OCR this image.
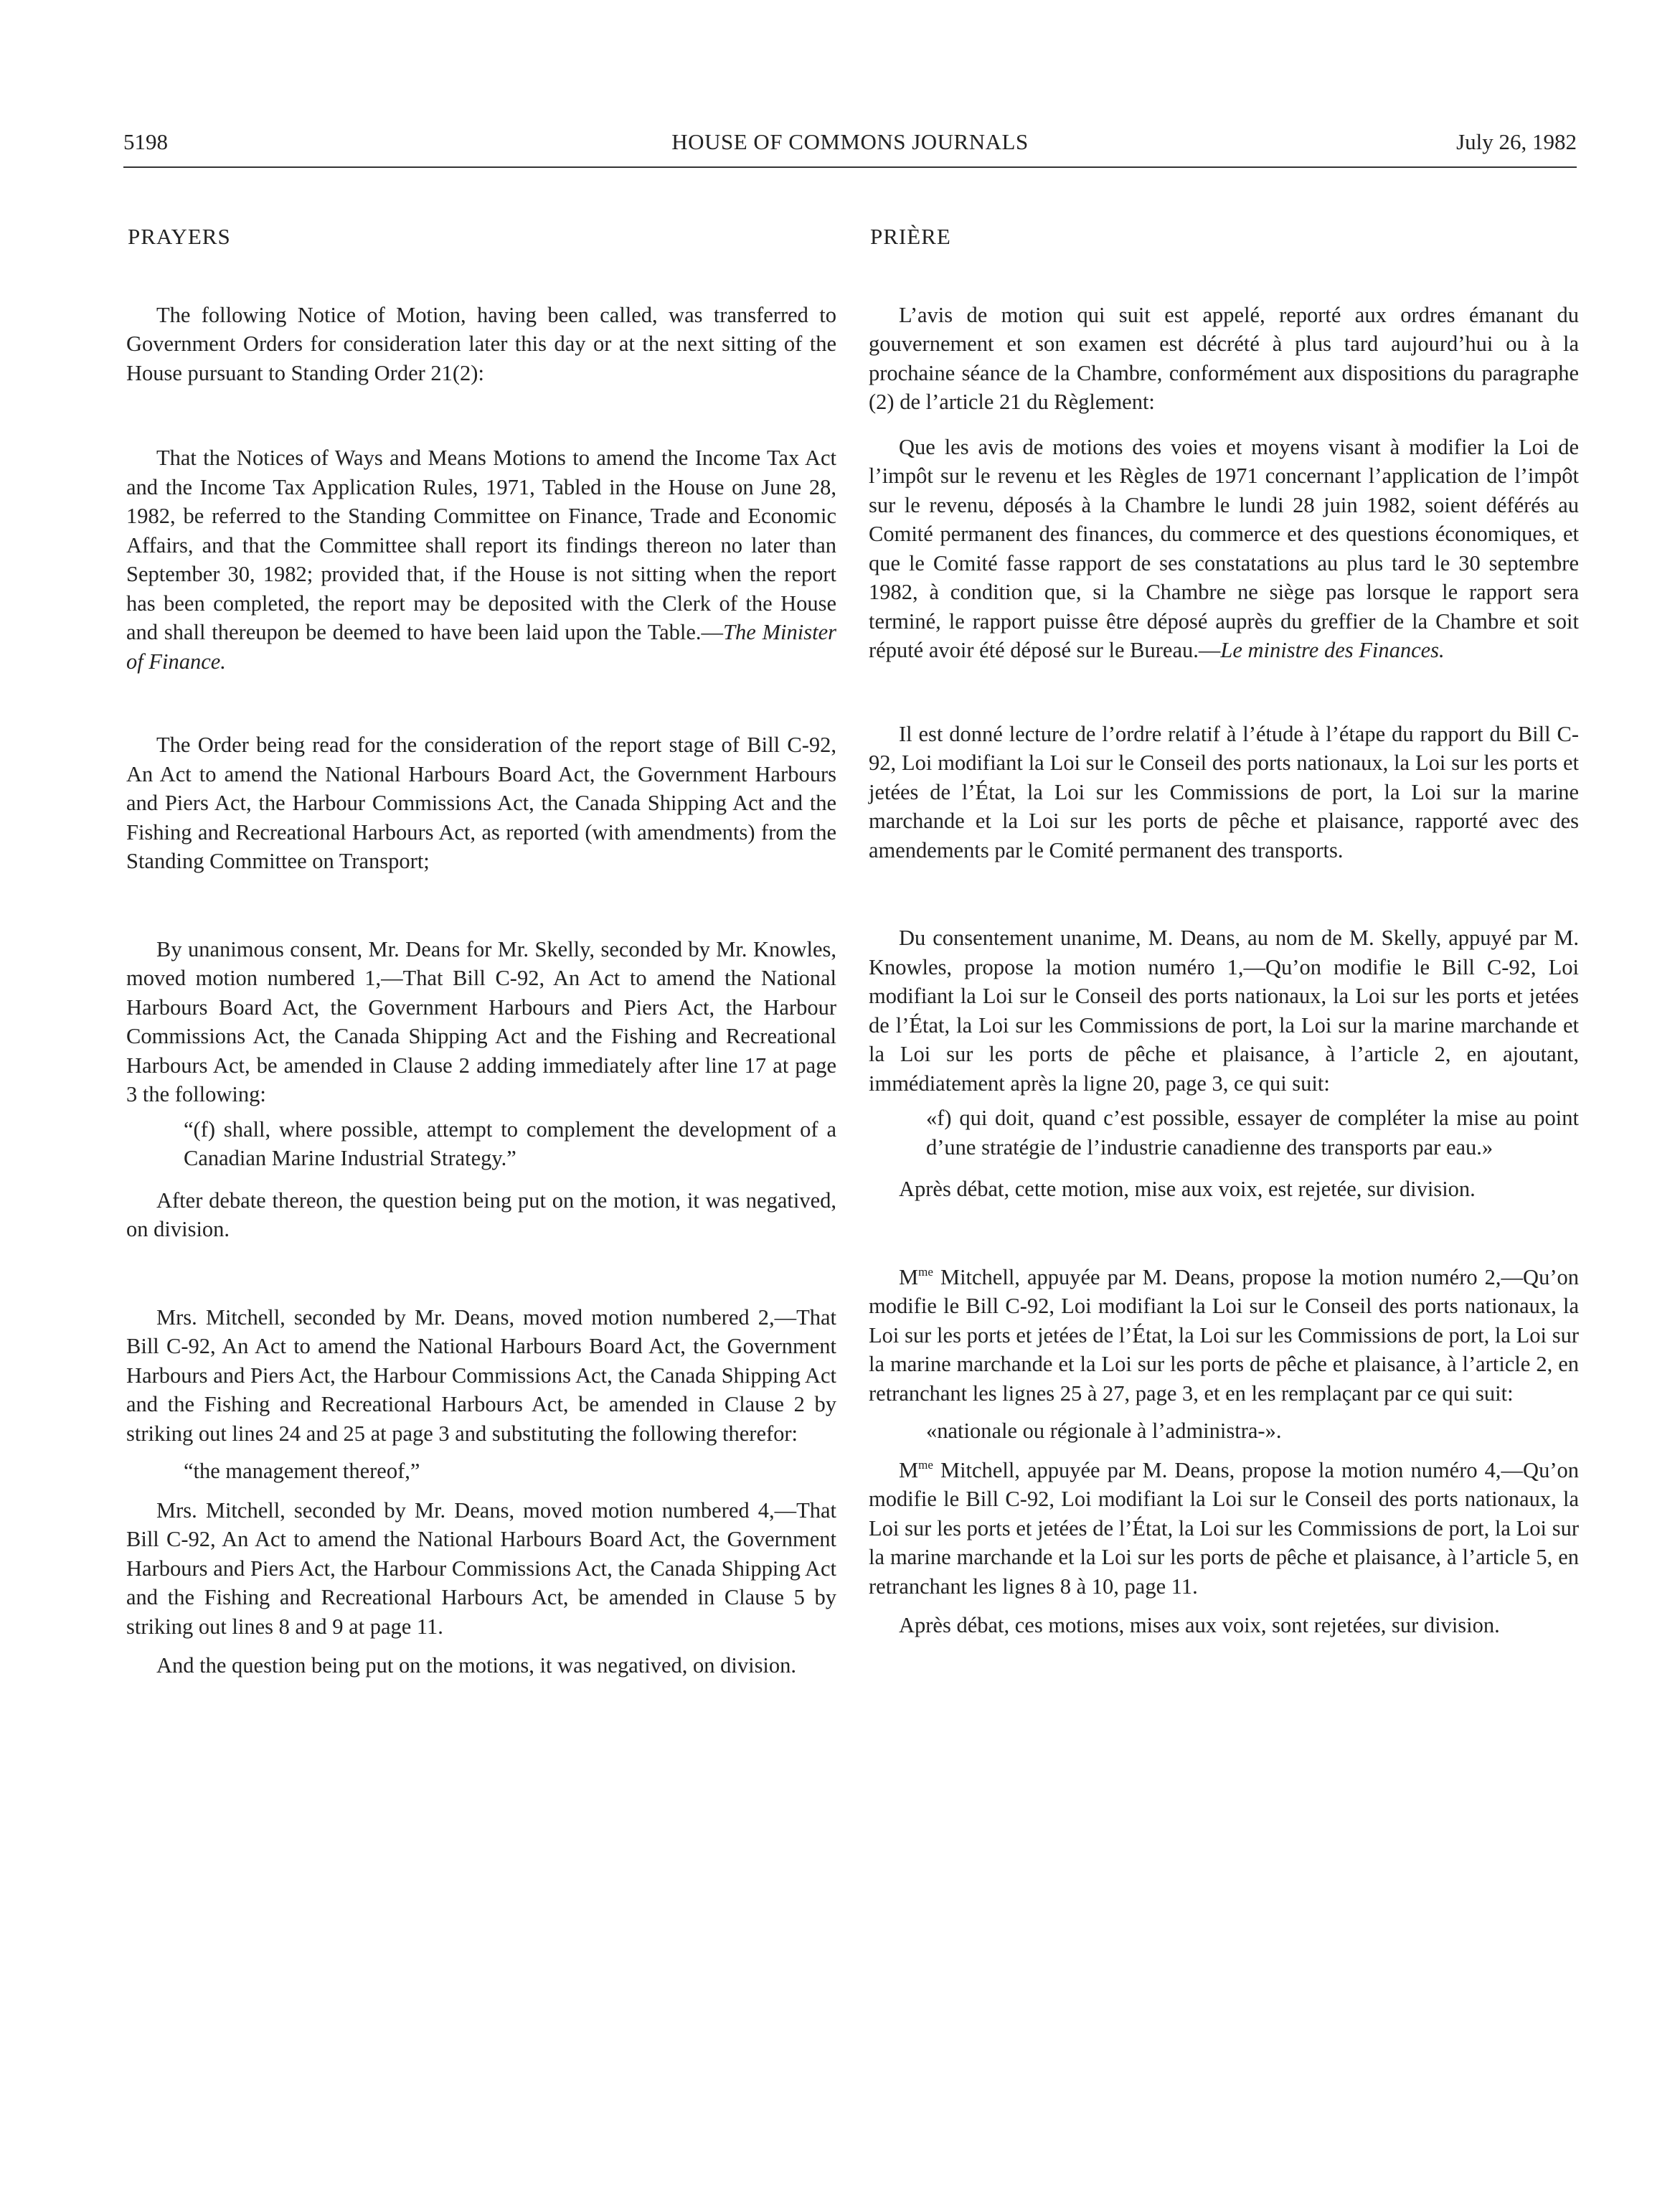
HOUSE OF COMMONS JOURNALS
5198	July 26, 1982
PRAYERS

The following Notice of Motion, having been called, was transferred to Government Orders for consideration later this day or at the next sitting of the House pursuant to Standing Order 21(2):

That the Notices of Ways and Means Motions to amend the Income Tax Act and the Income Tax Application Rules, 1971, Tabled in the House on June 28, 1982, be referred to the Standing Committee on Finance, Trade and Economic Affairs, and that the Committee shall report its findings thereon no later than September 30, 1982; provided that, if the House is not sitting when the report has been completed, the report may be deposited with the Clerk of the House and shall thereupon be deemed to have been laid upon the Table.—The Minister of Finance.

The Order being read for the consideration of the report stage of Bill C-92, An Act to amend the National Harbours Board Act, the Government Harbours and Piers Act, the Harbour Commissions Act, the Canada Shipping Act and the Fishing and Recreational Harbours Act, as reported (with amendments) from the Standing Committee on Transport;

By unanimous consent, Mr. Deans for Mr. Skelly, seconded by Mr. Knowles, moved motion numbered 1,—That Bill C-92, An Act to amend the National Harbours Board Act, the Government Harbours and Piers Act, the Harbour Commissions Act, the Canada Shipping Act and the Fishing and Recreational Harbours Act, be amended in Clause 2 adding immediately after line 17 at page 3 the following:

“(f) shall, where possible, attempt to complement the development of a Canadian Marine Industrial Strategy.”

After debate thereon, the question being put on the motion, it was negatived, on division.

Mrs. Mitchell, seconded by Mr. Deans, moved motion numbered 2,—That Bill C-92, An Act to amend the National Harbours Board Act, the Government Harbours and Piers Act, the Harbour Commissions Act, the Canada Shipping Act and the Fishing and Recreational Harbours Act, be amended in Clause 2 by striking out lines 24 and 25 at page 3 and substituting the following therefor:

“the management thereof,”

Mrs. Mitchell, seconded by Mr. Deans, moved motion numbered 4,—That Bill C-92, An Act to amend the National Harbours Board Act, the Government Harbours and Piers Act, the Harbour Commissions Act, the Canada Shipping Act and the Fishing and Recreational Harbours Act, be amended in Clause 5 by striking out lines 8 and 9 at page 11.

And the question being put on the motions, it was negatived, on division.

PRIÈRE

L’avis de motion qui suit est appelé, reporté aux ordres émanant du gouvernement et son examen est décrété à plus tard aujourd’hui ou à la prochaine séance de la Chambre, conformément aux dispositions du paragraphe (2) de l’article 21 du Règlement:

Que les avis de motions des voies et moyens visant à modifier la Loi de l’impôt sur le revenu et les Règles de 1971 concernant l’application de l’impôt sur le revenu, déposés à la Chambre le lundi 28 juin 1982, soient déférés au Comité permanent des finances, du commerce et des questions économiques, et que le Comité fasse rapport de ses constatations au plus tard le 30 septembre 1982, à condition que, si la Chambre ne siège pas lorsque le rapport sera terminé, le rapport puisse être déposé auprès du greffier de la Chambre et soit réputé avoir été déposé sur le Bureau.—Le ministre des Finances.

Il est donné lecture de l’ordre relatif à l’étude à l’étape du rapport du Bill C-92, Loi modifiant la Loi sur le Conseil des ports nationaux, la Loi sur les ports et jetées de l’État, la Loi sur les Commissions de port, la Loi sur la marine marchande et la Loi sur les ports de pêche et plaisance, rapporté avec des amendements par le Comité permanent des transports.

Du consentement unanime, M. Deans, au nom de M. Skelly, appuyé par M. Knowles, propose la motion numéro 1,—Qu’on modifie le Bill C-92, Loi modifiant la Loi sur le Conseil des ports nationaux, la Loi sur les ports et jetées de l’État, la Loi sur les Commissions de port, la Loi sur la marine marchande et la Loi sur les ports de pêche et plaisance, à l’article 2, en ajoutant, immédiatement après la ligne 20, page 3, ce qui suit:

«f) qui doit, quand c’est possible, essayer de compléter la mise au point d’une stratégie de l’industrie canadienne des transports par eau.»

Après débat, cette motion, mise aux voix, est rejetée, sur division.

$M^{me}$ Mitchell, appuyée par M. Deans, propose la motion numéro 2,—Qu’on modifie le Bill C-92, Loi modifiant la Loi sur le Conseil des ports nationaux, la Loi sur les ports et jetées de l’État, la Loi sur les Commissions de port, la Loi sur la marine marchande et la Loi sur les ports de pêche et plaisance, à l’article 2, en retranchant les lignes 25 à 27, page 3, et en les remplaçant par ce qui suit:

«nationale ou régionale à l’administra-».

$M^{me}$ Mitchell, appuyée par M. Deans, propose la motion numéro 4,—Qu’on modifie le Bill C-92, Loi modifiant la Loi sur le Conseil des ports nationaux, la Loi sur les ports et jetées de l’État, la Loi sur les Commissions de port, la Loi sur la marine marchande et la Loi sur les ports de pêche et plaisance, à l’article 5, en retranchant les lignes 8 à 10, page 11.

Après débat, ces motions, mises aux voix, sont rejetées, sur division.
